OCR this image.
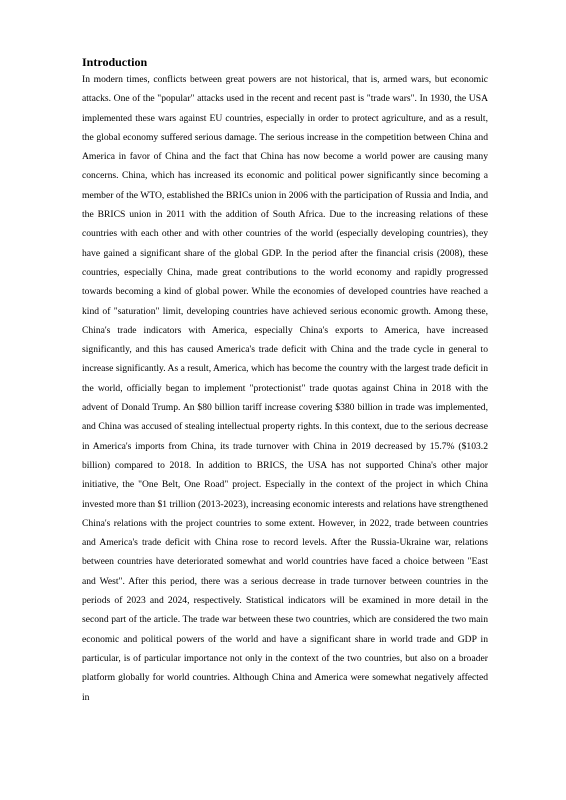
Introduction

In modern times, conflicts between great powers are not historical, that is, armed wars, but economic attacks. One of the "popular" attacks used in the recent and recent past is "trade wars". In 1930, the USA implemented these wars against EU countries, especially in order to protect agriculture, and as a result, the global economy suffered serious damage. The serious increase in the competition between China and America in favor of China and the fact that China has now become a world power are causing many concerns. China, which has increased its economic and political power significantly since becoming a member of the WTO, established the BRICs union in 2006 with the participation of Russia and India, and the BRICS union in 2011 with the addition of South Africa. Due to the increasing relations of these countries with each other and with other countries of the world (especially developing countries), they have gained a significant share of the global GDP. In the period after the financial crisis (2008), these countries, especially China, made great contributions to the world economy and rapidly progressed towards becoming a kind of global power. While the economies of developed countries have reached a kind of "saturation" limit, developing countries have achieved serious economic growth. Among these, China's trade indicators with America, especially China's exports to America, have increased significantly, and this has caused America's trade deficit with China and the trade cycle in general to increase significantly. As a result, America, which has become the country with the largest trade deficit in the world, officially began to implement "protectionist" trade quotas against China in 2018 with the advent of Donald Trump. An $80 billion tariff increase covering $380 billion in trade was implemented, and China was accused of stealing intellectual property rights. In this context, due to the serious decrease in America's imports from China, its trade turnover with China in 2019 decreased by 15.7% ($103.2 billion) compared to 2018. In addition to BRICS, the USA has not supported China's other major initiative, the "One Belt, One Road" project. Especially in the context of the project in which China invested more than $1 trillion (2013-2023), increasing economic interests and relations have strengthened China's relations with the project countries to some extent. However, in 2022, trade between countries and America's trade deficit with China rose to record levels. After the Russia-Ukraine war, relations between countries have deteriorated somewhat and world countries have faced a choice between "East and West". After this period, there was a serious decrease in trade turnover between countries in the periods of 2023 and 2024, respectively. Statistical indicators will be examined in more detail in the second part of the article. The trade war between these two countries, which are considered the two main economic and political powers of the world and have a significant share in world trade and GDP in particular, is of particular importance not only in the context of the two countries, but also on a broader platform globally for world countries. Although China and America were somewhat negatively affected in
